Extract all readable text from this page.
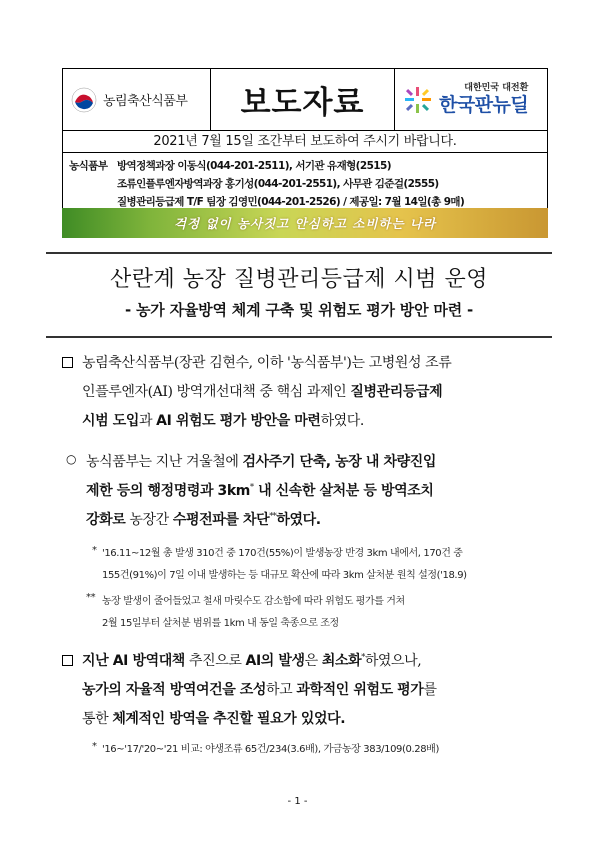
농림축산식품부 보도자료	대한민국 대전환
한국판뉴딜
2021년 7월 15일 조간부터 보도하여 주시기 바랍니다.
농식품부 방역정책과장 이동식(044-201-2511), 서기관 유재형(2515)
조류인플루엔자방역과장 홍기성(044-201-2551), 사무관 김준걸(2555)
질병관리등급제 T/F 팀장 김영민(044-201-2526) / 제공일: 7월 14일(총 9매)
걱정 없이 농사짓고 안심하고 소비하는 나라
산란계 농장 질병관리등급제 시범 운영
- 농가 자율방역 체계 구축 및 위험도 평가 방안 마련 -
농림축산식품부(장관 김현수, 이하 '농식품부')는 고병원성 조류
인플루엔자(AI) 방역개선대책 중 핵심 과제인 질병관리등급제
시범 도입과 AI 위험도 평가 방안을 마련하였다.
○ 농식품부는 지난 겨울철에 검사주기 단축, 농장 내 차량진입
제한 등의 행정명령과 3km* 내 신속한 살처분 등 방역조치
강화로 농장간 수평전파를 차단**하였다.
* '16.11~12월 총 발생 310건 중 170건(55%)이 발생농장 반경 3km 내에서, 170건 중
155건(91%)이 7일 이내 발생하는 등 대규모 확산에 따라 3km 살처분 원칙 설정('18.9)
** 농장 발생이 줄어들었고 철새 마릿수도 감소함에 따라 위험도 평가를 거쳐
2월 15일부터 살처분 범위를 1km 내 동일 축종으로 조정
지난 AI 방역대책 추진으로 AI의 발생은 최소화*하였으나,
농가의 자율적 방역여건을 조성하고 과학적인 위험도 평가를
통한 체계적인 방역을 추진할 필요가 있었다.
* '16~'17/'20~'21 비교: 야생조류 65건/234(3.6배), 가금농장 383/109(0.28배)
- 1 -
